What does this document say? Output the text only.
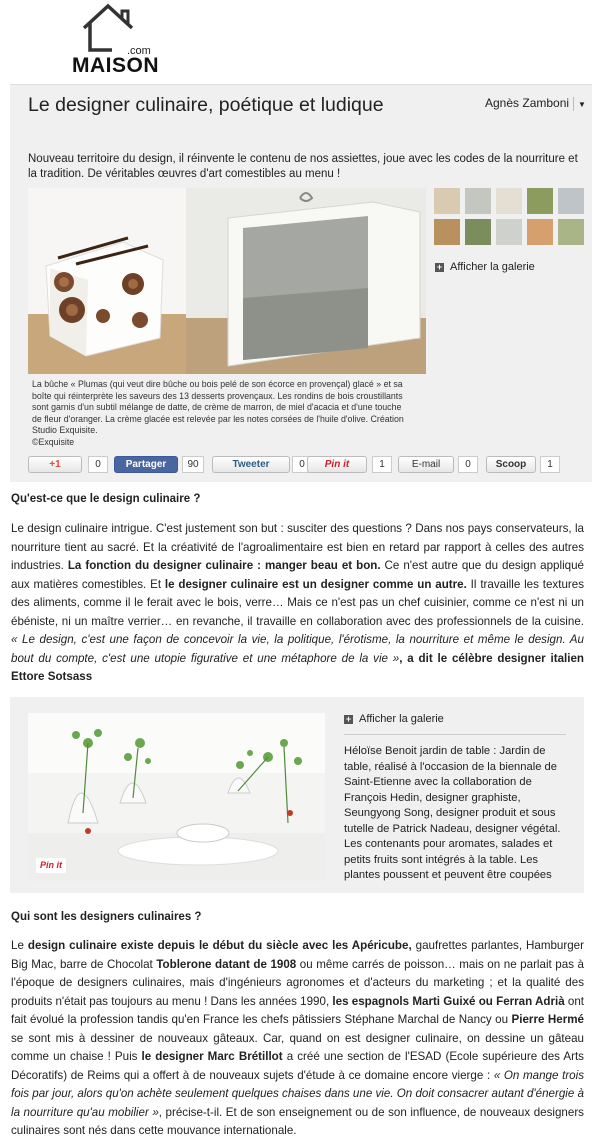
.com
MAISON
Le designer culinaire, poétique et ludique	Agnès Zamboni ▼
Nouveau territoire du design, il réinvente le contenu de nos assiettes, joue avec les codes de la nourriture et la tradition. De véritables œuvres d'art comestibles au menu !
La bûche « Plumas (qui veut dire bûche ou bois pelé de son écorce en provençal) glacé » et sa boîte qui réinterprète les saveurs des 13 desserts provençaux. Les rondins de bois croustillants sont garnis d'un subtil mélange de datte, de crème de marron, de miel d'acacia et d'une touche de fleur d'oranger. La crème glacée est relevée par les notes corsées de l'huile d'olive. Création Studio Exquisite.
©Exquisite
+ Afficher la galerie
+1	0	Partager	90	Tweeter	0	Pin it	1	E-mail	0	Scoop	1
Qu'est-ce que le design culinaire ?
Le design culinaire intrigue. C'est justement son but : susciter des questions ? Dans nos pays conservateurs, la nourriture tient au sacré. Et la créativité de l'agroalimentaire est bien en retard par rapport à celles des autres industries. La fonction du designer culinaire : manger beau et bon. Ce n'est autre que du design appliqué aux matières comestibles. Et le designer culinaire est un designer comme un autre. Il travaille les textures des aliments, comme il le ferait avec le bois, verre… Mais ce n'est pas un chef cuisinier, comme ce n'est ni un ébéniste, ni un maître verrier… en revanche, il travaille en collaboration avec des professionnels de la cuisine. « Le design, c'est une façon de concevoir la vie, la politique, l'érotisme, la nourriture et même le design. Au bout du compte, c'est une utopie figurative et une métaphore de la vie », a dit le célèbre designer italien Ettore Sotsass
Pin it
+ Afficher la galerie
Héloïse Benoit jardin de table : Jardin de table, réalisé à l'occasion de la biennale de Saint-Etienne avec la collaboration de François Hedin, designer graphiste, Seungyong Song, designer produit et sous tutelle de Patrick Nadeau, designer végétal. Les contenants pour aromates, salades et petits fruits sont intégrés à la table. Les plantes poussent et peuvent être coupées
Qui sont les designers culinaires ?
Le design culinaire existe depuis le début du siècle avec les Apéricube, gaufrettes parlantes, Hamburger Big Mac, barre de Chocolat Toblerone datant de 1908 ou même carrés de poisson… mais on ne parlait pas à l'époque de designers culinaires, mais d'ingénieurs agronomes et d'acteurs du marketing ; et la qualité des produits n'était pas toujours au menu ! Dans les années 1990, les espagnols Marti Guixé ou Ferran Adrià ont fait évolué la profession tandis qu'en France les chefs pâtissiers Stéphane Marchal de Nancy ou Pierre Hermé se sont mis à dessiner de nouveaux gâteaux. Car, quand on est designer culinaire, on dessine un gâteau comme un chaise ! Puis le designer Marc Brétillot a créé une section de l'ESAD (Ecole supérieure des Arts Décoratifs) de Reims qui a offert à de nouveaux sujets d'étude à ce domaine encore vierge : « On mange trois fois par jour, alors qu'on achète seulement quelques chaises dans une vie. On doit consacrer autant d'énergie à la nourriture qu'au mobilier », précise-t-il. Et de son enseignement ou de son influence, de nouveaux designers culinaires sont nés dans cette mouvance internationale.
